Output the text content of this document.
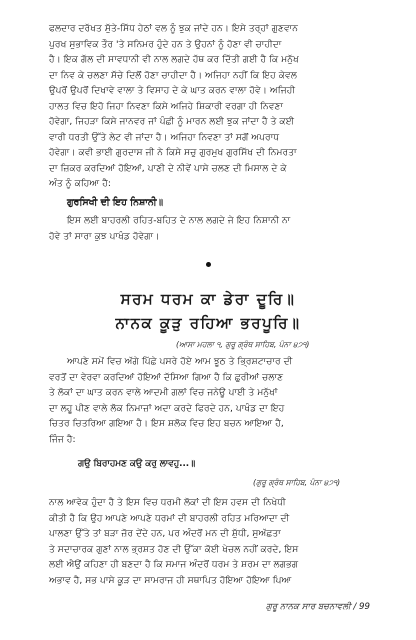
ਫਲਦਾਰ ਦਰੱਖਤ ਸੁੱਤੇ-ਸਿੱਧ ਹੇਠਾਂ ਵਲ ਨੂੰ ਝੁਕ ਜਾਂਦੇ ਹਨ। ਇਸੇ ਤਰ੍ਹਾਂ ਗੁਣਵਾਨ

ਪੁਰਖ ਸੁਭਾਵਿਕ ਤੌਰ 'ਤੇ ਸਨਿਮਰ ਹੁੰਦੇ ਹਨ ਤੇ ਉਹਨਾਂ ਨੂੰ ਹੋਣਾ ਵੀ ਚਾਹੀਦਾ

ਹੈ। ਇਕ ਗੱਲ ਦੀ ਸਾਵਧਾਨੀ ਵੀ ਨਾਲ ਲਗਦੇ ਹੱਥ ਕਰ ਦਿੱਤੀ ਗਈ ਹੈ ਕਿ ਮਨੁੱਖ

ਦਾ ਨਿਵ ਕੇ ਚਲਣਾ ਸੱਚੇ ਦਿਲੋਂ ਹੋਣਾ ਚਾਹੀਦਾ ਹੈ। ਅਜਿਹਾ ਨਹੀਂ ਕਿ ਇਹ ਕੇਵਲ

ਉਪਰੋਂ ਉਪਰੋਂ ਦਿਖਾਵੇ ਵਾਲਾ ਤੇ ਵਿਸਾਹ ਦੇ ਕੇ ਘਾਤ ਕਰਨ ਵਾਲਾ ਹੋਵੇ। ਅਜਿਹੀ

ਹਾਲਤ ਵਿਚ ਇਹੋ ਜਿਹਾ ਨਿਵਣਾ ਕਿਸੇ ਅਜਿਹੇ ਸ਼ਿਕਾਰੀ ਵਰਗਾ ਹੀ ਨਿਵਣਾ

ਹੋਵੇਗਾ, ਜਿਹੜਾ ਕਿਸੇ ਜਾਨਵਰ ਜਾਂ ਪੰਛੀ ਨੂੰ ਮਾਰਨ ਲਈ ਝੁਕ ਜਾਂਦਾ ਹੈ ਤੇ ਕਈ

ਵਾਰੀ ਧਰਤੀ ਉੱਤੇ ਲੇਟ ਵੀ ਜਾਂਦਾ ਹੈ। ਅਜਿਹਾ ਨਿਵਣਾ ਤਾਂ ਸਗੋਂ ਅਪਰਾਧ

ਹੋਵੇਗਾ। ਕਵੀ ਭਾਈ ਗੁਰਦਾਸ ਜੀ ਨੇ ਕਿਸੇ ਸਚੁ ਗੁਰਮੁਖ ਗੁਰਸਿੱਖ ਦੀ ਨਿਮਰਤਾ

ਦਾ ਜ਼ਿਕਰ ਕਰਦਿਆਂ ਹੋਇਆਂ, ਪਾਣੀ ਦੇ ਨੀਵੇਂ ਪਾਸੇ ਚਲਣ ਦੀ ਮਿਸਾਲ ਦੇ ਕੇ

ਅੰਤ ਨੂੰ ਕਹਿਆ ਹੈ:

ਗੁਰਸਿਖੀ ਦੀ ਇਹ ਨਿਸ਼ਾਨੀ॥

ਇਸ ਲਈ ਬਾਹਰਲੀ ਰਹਿਤ-ਬਹਿਤ ਦੇ ਨਾਲ ਲਗਦੇ ਜੇ ਇਹ ਨਿਸ਼ਾਨੀ ਨਾ

ਹੋਵੇ ਤਾਂ ਸਾਰਾ ਕੁਝ ਪਾਖੰਡ ਹੋਵੇਗਾ।

ਸਰਮ ਧਰਮ ਕਾ ਡੇਰਾ ਦੂਰਿ॥
ਨਾਨਕ ਕੂੜੁ ਰਹਿਆ ਭਰਪੂਰਿ॥
(ਆਸਾ ਮਹਲਾ ੧, ਗੁਰੂ ਗ੍ਰੰਥ ਸਾਹਿਬ, ਪੰਨਾ ੪੭੧)

ਆਪਣੇ ਸਮੇਂ ਵਿਚ ਅੱਗੇ ਪਿੱਛੇ ਪਸਰੇ ਹੋਏ ਆਮ ਝੂਠ ਤੇ ਭ੍ਰਿਸ਼ਟਾਚਾਰ ਦੀ

ਵਰਤੋਂ ਦਾ ਵੇਰਵਾ ਕਰਦਿਆਂ ਹੋਇਆਂ ਦੱਸਿਆ ਗਿਆ ਹੈ ਕਿ ਛੁਰੀਆਂ ਚਲਾਣ

ਤੇ ਲੋਕਾਂ ਦਾ ਘਾਤ ਕਰਨ ਵਾਲੇ ਆਦਮੀ ਗਲਾਂ ਵਿਚ ਜਨੇਊ ਪਾਈ ਤੇ ਮਨੁੱਖਾਂ

ਦਾ ਲਹੂ ਪੀਣ ਵਾਲੇ ਲੋਕ ਨਿਮਾਜ਼ਾਂ ਅਦਾ ਕਰਦੇ ਫਿਰਦੇ ਹਨ, ਪਾਖੰਡ ਦਾ ਇਹ

ਚਿਤਰ ਚਿਤਰਿਆ ਗਇਆ ਹੈ। ਇਸ ਸ਼ਲੋਕ ਵਿਚ ਇਹ ਬਚਨ ਆਇਆ ਹੈ,

ਜਿੰਜ ਹੈ:

ਗਉ ਬਿਰਾਹਮਣ ਕਉ ਕਰੁ ਲਾਵਹੁ...॥
(ਗੁਰੂ ਗ੍ਰੰਥ ਸਾਹਿਬ, ਪੰਨਾ ੪੭੧)

ਨਾਲ ਆਵੇਕ ਹੁੰਦਾ ਹੈ ਤੇ ਇਸ ਵਿਚ ਧਰਮੀ ਲੋਕਾਂ ਦੀ ਇਸ ਹਵਸ ਦੀ ਨਿਖੇਧੀ

ਕੀਤੀ ਹੈ ਕਿ ਉਹ ਆਪਣੇ ਆਪਣੇ ਧਰਮਾਂ ਦੀ ਬਾਹਰਲੀ ਰਹਿਤ ਮਰਿਆਦਾ ਦੀ

ਪਾਲਣਾ ਉੱਤੇ ਤਾਂ ਬੜਾ ਜ਼ੋਰ ਦੇਂਦੇ ਹਨ, ਪਰ ਅੰਦਰੋਂ ਮਨ ਦੀ ਸ਼ੁੱਧੀ, ਸੁਅੱਛਤਾ

ਤੇ ਸਦਾਚਾਰਕ ਗੁਣਾਂ ਨਾਲ ਭ੍ਰਸ਼ਤ ਹੋਣ ਦੀ ਉੱਕਾ ਕੋਈ ਖੇਚਲ ਨਹੀਂ ਕਰਦੇ, ਇਸ

ਲਈ ਐਉਂ ਕਹਿਣਾ ਹੀ ਬਣਦਾ ਹੈ ਕਿ ਸਮਾਜ ਅੰਦਰੋਂ ਧਰਮ ਤੇ ਸ਼ਰਮ ਦਾ ਲਗਭਗ

ਅਭਾਵ ਹੈ, ਸਭ ਪਾਸੇ ਕੂੜ ਦਾ ਸਾਮਰਾਜ ਹੀ ਸਥਾਪਿਤ ਹੋਇਆ ਹੋਇਆ ਪਿਆ

ਗੁਰੂ ਨਾਨਕ ਸਾਰ ਬਚਨਾਵਲੀ / 99
